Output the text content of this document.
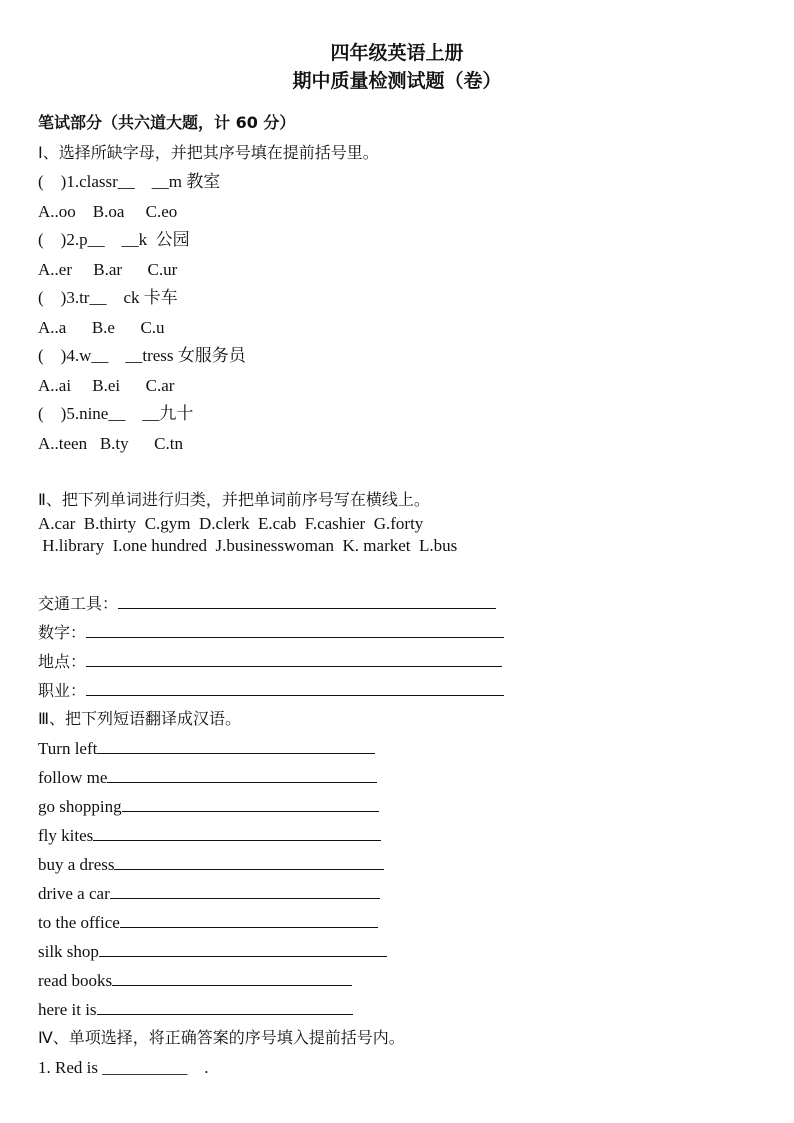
四年级英语上册
期中质量检测试题（卷）
笔试部分（共六道大题，计 60 分）
Ⅰ、选择所缺字母，并把其序号填在提前括号里。
(    )1.classr__    __m 教室
A..oo    B.oa     C.eo
(    )2.p__    __k  公园
A..er     B.ar      C.ur
(    )3.tr__    ck 卡车
A..a      B.e      C.u
(    )4.w__    __tress 女服务员
A..ai     B.ei      C.ar
(    )5.nine__    __九十
A..teen   B.ty      C.tn
Ⅱ、把下列单词进行归类，并把单词前序号写在横线上。
A.car  B.thirty  C.gym  D.clerk  E.cab  F.cashier  G.forty
H.library  I.one hundred  J.businesswoman  K. market  L.bus
交通工具：
数字：
地点：
职业：
Ⅲ、把下列短语翻译成汉语。
Turn left
follow me
go shopping
fly kites
buy a dress
drive a car
to the office
silk shop
read books
here it is
Ⅳ、单项选择，将正确答案的序号填入提前括号内。
1. Red is __________    .
